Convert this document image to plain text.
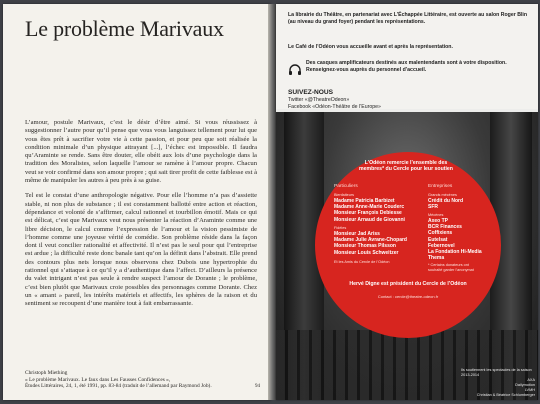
Le problème Marivaux

L’amour, postule Marivaux, c’est le désir d’être aimé. Si vous réussissez à suggestionner l’autre pour qu’il pense que vous vous languissez tellement pour lui que vous êtes prêt à sacrifier votre vie à cette passion, et pour peu que soit réalisée la condition minimale d’un physique attrayant [...], l’échec est impossible. Il faudra qu’Araminte se rende. Sans être douter, elle obéit aux lois d’une psychologie dans la tradition des Moralistes, selon laquelle l’amour se ramène à l’amour propre. Chacun veut se voir confirmé dans son amour propre ; qui sait tirer profit de cette faiblesse est à même de manipuler les autres à peu près à sa guise.

Tel est le constat d’une anthropologie négative. Pour elle l’homme n’a pas d’assiette stable, ni non plus de substance ; il est constamment ballotté entre action et réaction, dépendance et volonté de s’affirmer, calcul rationnel et tourbillon émotif. Mais ce qui est délicat, c’est que Marivaux veut nous présenter la réaction d’Araminte comme une libre décision, le calcul comme l’expression de l’amour et la vision pessimiste de l’homme comme une joyeuse vérité de comédie. Son problème réside dans la façon dont il veut concilier rationalité et affectivité. Il n’est pas le seul pour qui l’entreprise est ardue ; la difficulté reste donc banale tant qu’on la définit dans l’abstrait. Elle prend des contours plus nets lorsque nous observons chez Dubois une hypertrophie du rationnel qui s’attaque à ce qu’il y a d’authentique dans l’affect. D’ailleurs la présence du valet intrigant n’est pas seule à rendre suspect l’amour de Dorante ; le problème, c’est bien plutôt que Marivaux croie possibles des personnages comme Dorante. Chez un « amant » pareil, les intérêts matériels et affectifs, les sphères de la raison et du sentiment se recoupent d’une manière tout à fait embarrassante.

Christoph Miething
« Le problème Marivaux. Le faux dans Les Fausses Confidences »,
Études Littéraires, 24, 1, été 1991, pp. 83-84 (traduit de l’allemand par Raymond Job).	94
La librairie du Théâtre, en partenariat avec L’Échappée Littéraire, est ouverte au salon Roger Blin (au niveau du grand foyer) pendant les représentations.
Le Café de l’Odéon vous accueille avant et après la représentation.
Des casques amplificateurs destinés aux malentendants sont à votre disposition. Renseignez-vous auprès du personnel d’accueil.
SUIVEZ-NOUS
Twitter «@TheatreOdeon»
Facebook «Odéon-Théâtre de l’Europe»
L’Odéon remercie l’ensemble des membres* du Cercle pour leur soutien
Particuliers	Entreprises
Bienfaiteurs
Madame Patricia Barbizet
Madame Anne-Marie Couderc
Monsieur François Debiesse
Monsieur Arnaud de Giovanni
Fidèles
Monsieur Jad Ariss
Madame Julie Avrane-Chopard
Monsieur Thomas Pilsson
Monsieur Louis Schweitzer
Et les Amis du Cercle de l’Odéon
Grands mécènes
Crédit du Nord
SFR
Mécènes
Axeo TP
BCR Finances
Coffixiens
Eutelsat
Febernovel
La Fondation Hi-Media
Thema
* Certains donateurs ont souhaité garder l’anonymat
Hervé Digne est président du Cercle de l’Odéon
Contact : cercle@theatre-odeon.fr
Ils soutiennent les spectacles de la saison 2013-2014
AXA
Dailymotion
LVMH
Christian & Béatrice Schlumberger
